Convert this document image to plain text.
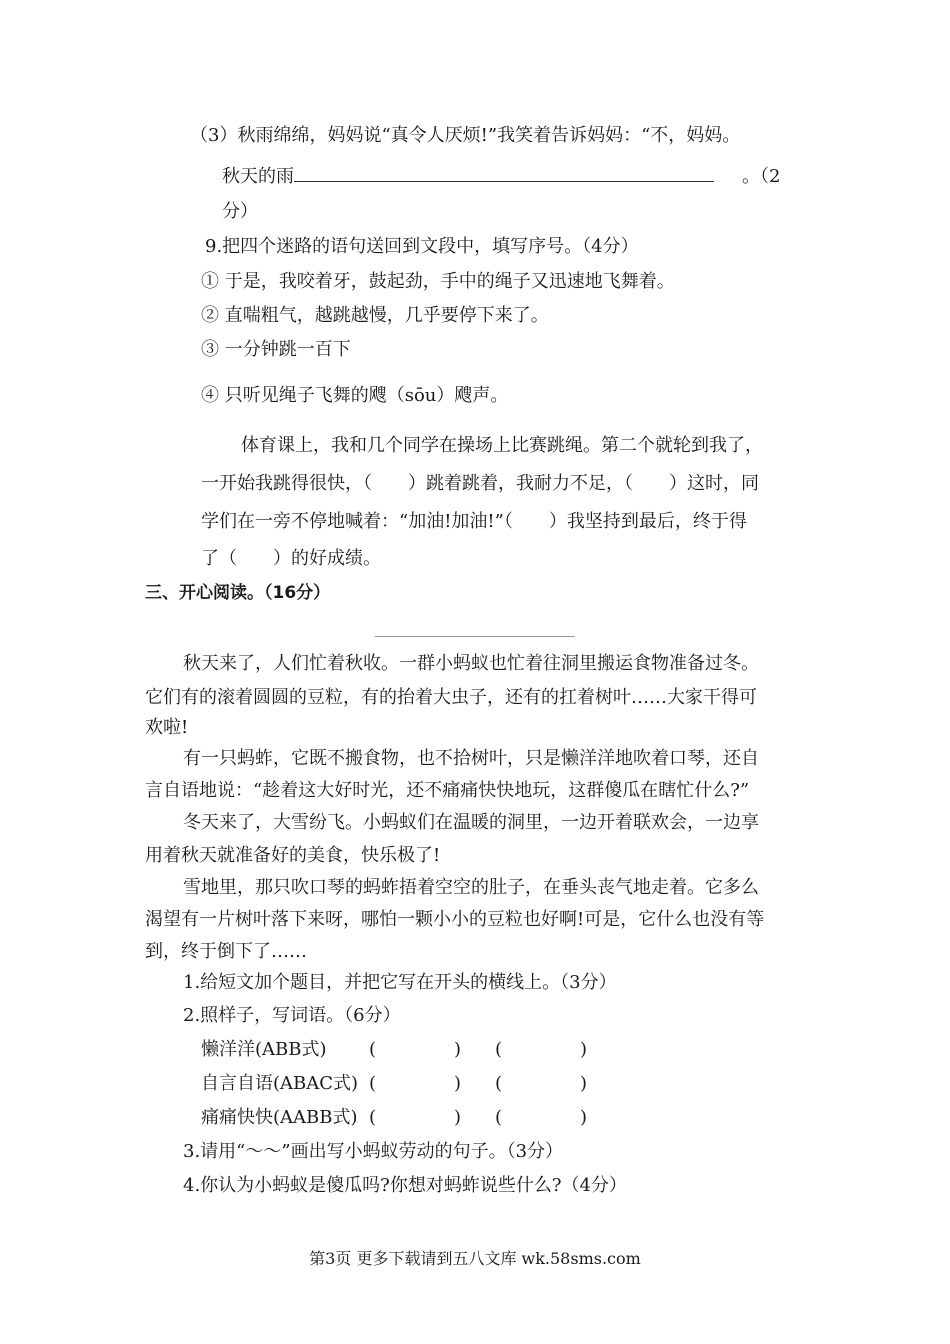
（3）秋雨绵绵，妈妈说“真令人厌烦!”我笑着告诉妈妈：“不，妈妈。
秋天的雨	。（2
分）
9.把四个迷路的语句送回到文段中，填写序号。（4分）
① 于是，我咬着牙，鼓起劲，手中的绳子又迅速地飞舞着。
② 直喘粗气，越跳越慢，几乎要停下来了。
③ 一分钟跳一百下
④ 只听见绳子飞舞的飕（sōu）飕声。
体育课上，我和几个同学在操场上比赛跳绳。第二个就轮到我了，
一开始我跳得很快，（　　）跳着跳着，我耐力不足，（　　）这时，同
学们在一旁不停地喊着：“加油!加油!”（　　）我坚持到最后，终于得
了（　　）的好成绩。
三、开心阅读。（16分）
秋天来了，人们忙着秋收。一群小蚂蚁也忙着往洞里搬运食物准备过冬。
它们有的滚着圆圆的豆粒，有的抬着大虫子，还有的扛着树叶……大家干得可
欢啦!
有一只蚂蚱，它既不搬食物，也不拾树叶，只是懒洋洋地吹着口琴，还自
言自语地说：“趁着这大好时光，还不痛痛快快地玩，这群傻瓜在瞎忙什么?”
冬天来了，大雪纷飞。小蚂蚁们在温暖的洞里，一边开着联欢会，一边享
用着秋天就准备好的美食，快乐极了!
雪地里，那只吹口琴的蚂蚱捂着空空的肚子，在垂头丧气地走着。它多么
渴望有一片树叶落下来呀，哪怕一颗小小的豆粒也好啊!可是，它什么也没有等
到，终于倒下了……
1.给短文加个题目，并把它写在开头的横线上。（3分）
2.照样子，写词语。（6分）
懒洋洋(ABB式) (	) (	)
自言自语(ABAC式) (	) (	)
痛痛快快(AABB式) (	) (	)
3.请用“～～”画出写小蚂蚁劳动的句子。（3分）
4.你认为小蚂蚁是傻瓜吗?你想对蚂蚱说些什么?（4分）
第3页 更多下载请到五八文库 wk.58sms.com
